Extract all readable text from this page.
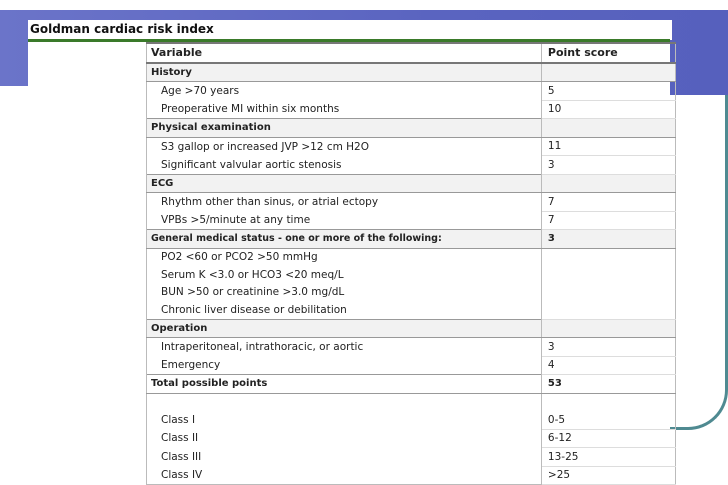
Goldman cardiac risk index
Variable	Point score
History	
Age >70 years	5
Preoperative MI within six months	10
Physical examination	
S3 gallop or increased JVP >12 cm H2O	11
Significant valvular aortic stenosis	3
ECG	
Rhythm other than sinus, or atrial ectopy	7
VPBs >5/minute at any time	7
General medical status - one or more of the following:	3
PO2 <60 or PCO2 >50 mmHg	
Serum K <3.0 or HCO3 <20 meq/L	
BUN >50 or creatinine >3.0 mg/dL	
Chronic liver disease or debilitation	
Operation	
Intraperitoneal, intrathoracic, or aortic	3
Emergency	4
Total possible points	53

Class I	0-5
Class II	6-12
Class III	13-25
Class IV	>25
